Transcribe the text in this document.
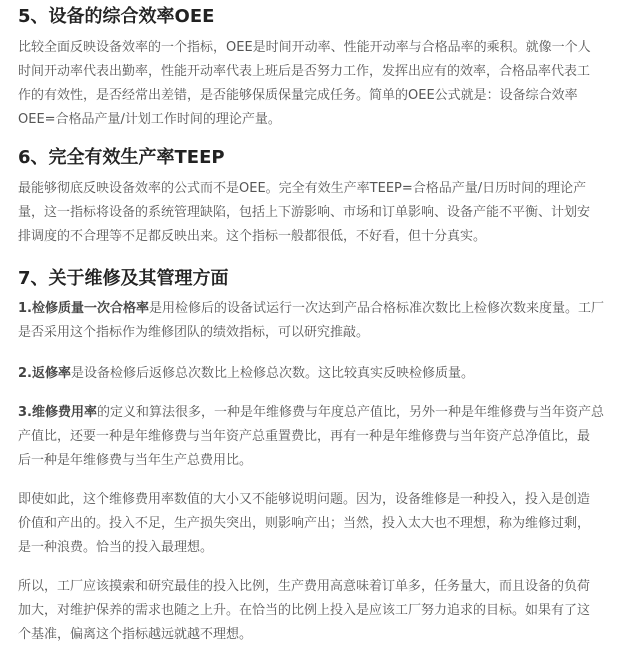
5、设备的综合效率OEE

比较全面反映设备效率的一个指标，OEE是时间开动率、性能开动率与合格品率的乘积。就像一个人
时间开动率代表出勤率，性能开动率代表上班后是否努力工作，发挥出应有的效率，合格品率代表工
作的有效性，是否经常出差错，是否能够保质保量完成任务。简单的OEE公式就是：设备综合效率
OEE=合格品产量/计划工作时间的理论产量。

6、完全有效生产率TEEP

最能够彻底反映设备效率的公式而不是OEE。完全有效生产率TEEP=合格品产量/日历时间的理论产
量，这一指标将设备的系统管理缺陷，包括上下游影响、市场和订单影响、设备产能不平衡、计划安
排调度的不合理等不足都反映出来。这个指标一般都很低，不好看，但十分真实。

7、关于维修及其管理方面

1.检修质量一次合格率是用检修后的设备试运行一次达到产品合格标准次数比上检修次数来度量。工厂
是否采用这个指标作为维修团队的绩效指标，可以研究推敲。

2.返修率是设备检修后返修总次数比上检修总次数。这比较真实反映检修质量。

3.维修费用率的定义和算法很多，一种是年维修费与年度总产值比，另外一种是年维修费与当年资产总
产值比，还要一种是年维修费与当年资产总重置费比，再有一种是年维修费与当年资产总净值比，最
后一种是年维修费与当年生产总费用比。

即使如此，这个维修费用率数值的大小又不能够说明问题。因为，设备维修是一种投入，投入是创造
价值和产出的。投入不足，生产损失突出，则影响产出；当然，投入太大也不理想，称为维修过剩，
是一种浪费。恰当的投入最理想。

所以，工厂应该摸索和研究最佳的投入比例，生产费用高意味着订单多，任务量大，而且设备的负荷
加大，对维护保养的需求也随之上升。在恰当的比例上投入是应该工厂努力追求的目标。如果有了这
个基准，偏离这个指标越远就越不理想。
